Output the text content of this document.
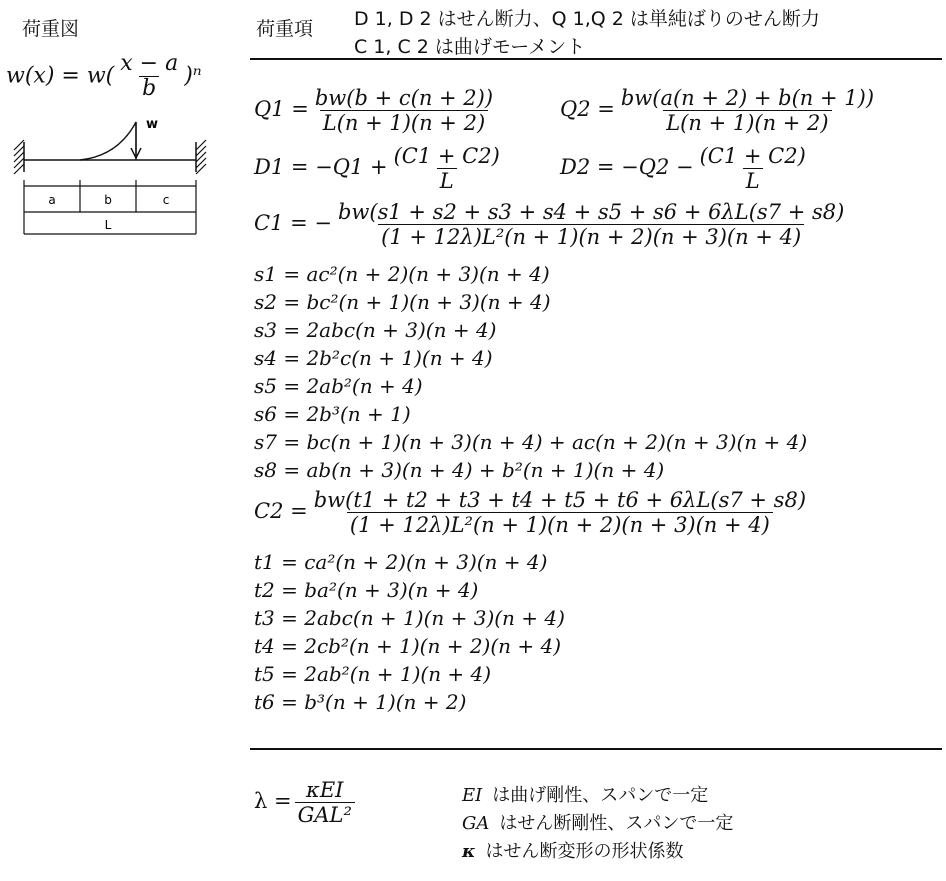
荷重図
$w(x) = w( \frac{x - a}{b} )^n$
w
a	b	c
L
荷重項 D 1, D 2 はせん断力、Q 1,Q 2 は単純ばりのせん断力
C 1, C 2 は曲げモーメント
$Q1 = \frac{bw(b + c(n + 2))}{L(n + 1)(n + 2)}$	$Q2 = \frac{bw(a(n + 2) + b(n + 1))}{L(n + 1)(n + 2)}$
$D1 = -Q1 + \frac{(C1 + C2)}{L}$	$D2 = -Q2 - \frac{(C1 + C2)}{L}$
C1 = − $\frac{bw(s1 + s2 + s3 + s4 + s5 + s6 + 6\lambda L(s7 + s8)}{\text{(1 + 12λ)L²(n + 1)(n + 2)(n + 3)(n + 4)}}$
s1 = ac²(n + 2)(n + 3)(n + 4)
s2 = bc²(n + 1)(n + 3)(n + 4)
s3 = 2abc(n + 3)(n + 4)
s4 = 2b²c(n + 1)(n + 4)
s5 = 2ab²(n + 4)
s6 = 2b³(n + 1)
s7 = bc(n + 1)(n + 3)(n + 4) + ac(n + 2)(n + 3)(n + 4)
s8 = ab(n + 3)(n + 4) + b²(n + 1)(n + 4)
$C2 = \frac{bw(t1 + t2 + t3 + t4 + t5 + t6 + 6\lambda L(s7 + s8)}{\text{(1 + 12λ)L²(n + 1)(n + 2)(n + 3)(n + 4)}}$
t1 = ca²(n + 2)(n + 3)(n + 4)
t2 = ba²(n + 3)(n + 4)
t3 = 2abc(n + 1)(n + 3)(n + 4)
t4 = 2cb²(n + 1)(n + 2)(n + 4)
t5 = 2ab²(n + 1)(n + 4)
t6 = b³(n + 1)(n + 2)
$\lambda = \frac{\text{κEI}}{\text{GAL²}}$	EI は曲げ剛性、スパンで一定
GA はせん断剛性、スパンで一定
κ はせん断変形の形状係数
